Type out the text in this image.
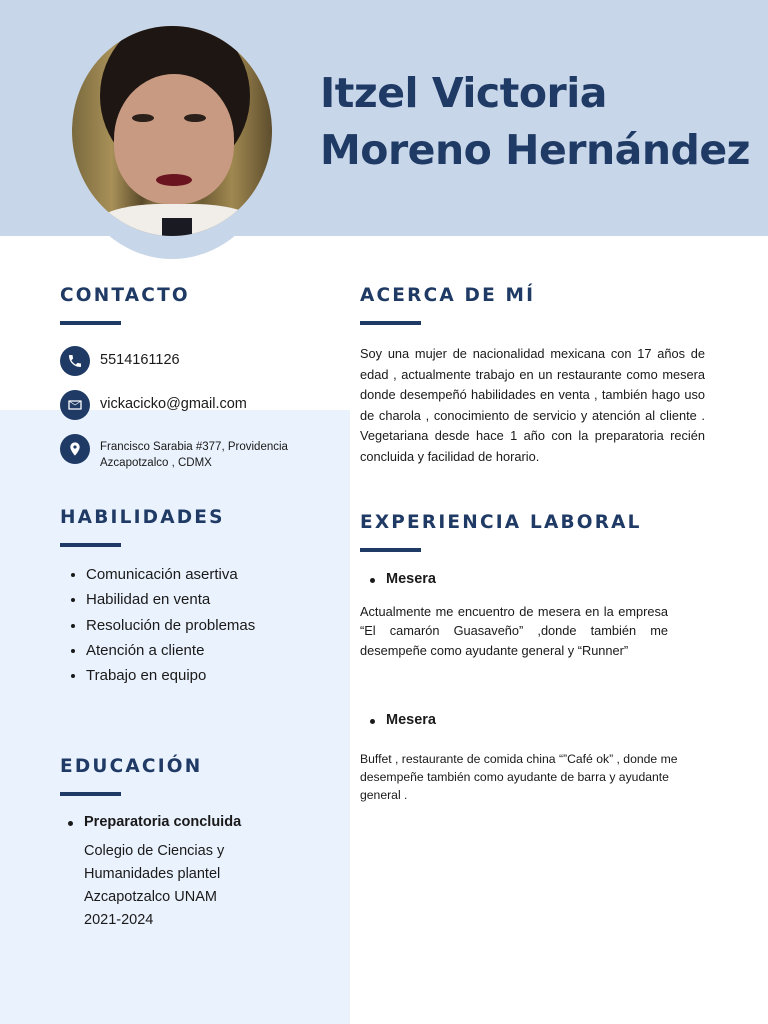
Itzel Victoria
Moreno Hernández
CONTACTO
5514161126
vickacicko@gmail.com
Francisco Sarabia #377, Providencia
Azcapotzalco , CDMX
HABILIDADES
• Comunicación asertiva
• Habilidad en venta
• Resolución de problemas
• Atención a cliente
• Trabajo en equipo
EDUCACIÓN
Preparatoria concluida
Colegio de Ciencias y
Humanidades plantel
Azcapotzalco UNAM
2021-2024
ACERCA DE MÍ
Soy una mujer de nacionalidad mexicana con 17 años de edad , actualmente trabajo en un restaurante como mesera donde desempeñó habilidades en venta , también hago uso de charola , conocimiento de servicio y atención al cliente . Vegetariana desde hace 1 año con la preparatoria recién concluida y facilidad de horario.
EXPERIENCIA LABORAL
Mesera
Actualmente me encuentro de mesera en la empresa “El camarón Guasaveño” ,donde también me desempeñe como ayudante general y “Runner”
Mesera
Buffet , restaurante de comida china “”Café ok” , donde me desempeñe también como ayudante de barra y ayudante general .
